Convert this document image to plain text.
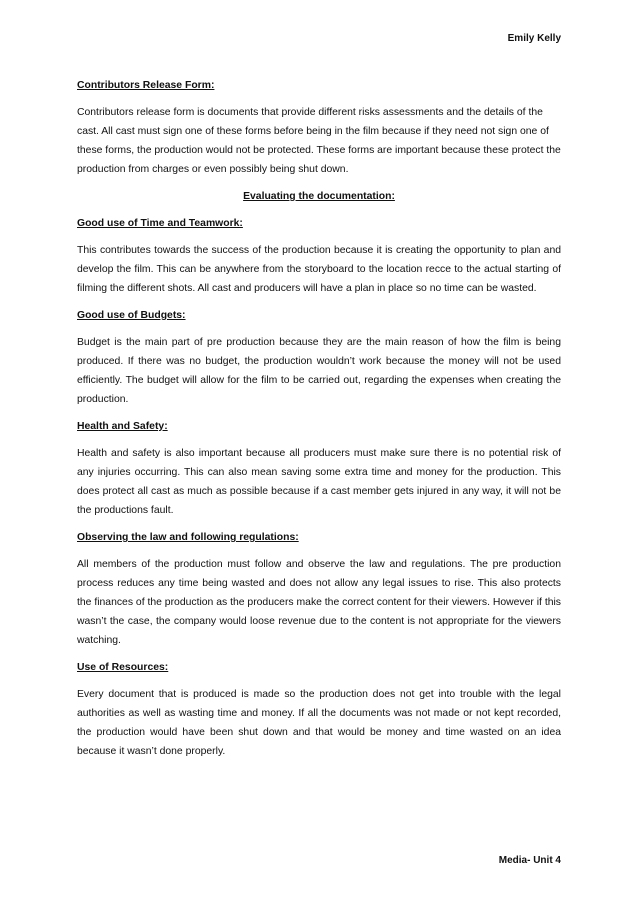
Emily Kelly
Contributors Release Form:

Contributors release form is documents that provide different risks assessments and the details of the cast. All cast must sign one of these forms before being in the film because if they need not sign one of these forms, the production would not be protected. These forms are important because these protect the production from charges or even possibly being shut down.

Evaluating the documentation:
Good use of Time and Teamwork:

This contributes towards the success of the production because it is creating the opportunity to plan and develop the film. This can be anywhere from the storyboard to the location recce to the actual starting of filming the different shots. All cast and producers will have a plan in place so no time can be wasted.

Good use of Budgets:

Budget is the main part of pre production because they are the main reason of how the film is being produced. If there was no budget, the production wouldn’t work because the money will not be used efficiently. The budget will allow for the film to be carried out, regarding the expenses when creating the production.

Health and Safety:

Health and safety is also important because all producers must make sure there is no potential risk of any injuries occurring. This can also mean saving some extra time and money for the production. This does protect all cast as much as possible because if a cast member gets injured in any way, it will not be the productions fault.

Observing the law and following regulations:

All members of the production must follow and observe the law and regulations. The pre production process reduces any time being wasted and does not allow any legal issues to rise. This also protects the finances of the production as the producers make the correct content for their viewers. However if this wasn’t the case, the company would loose revenue due to the content is not appropriate for the viewers watching.

Use of Resources:

Every document that is produced is made so the production does not get into trouble with the legal authorities as well as wasting time and money. If all the documents was not made or not kept recorded, the production would have been shut down and that would be money and time wasted on an idea because it wasn’t done properly.

Media- Unit 4
